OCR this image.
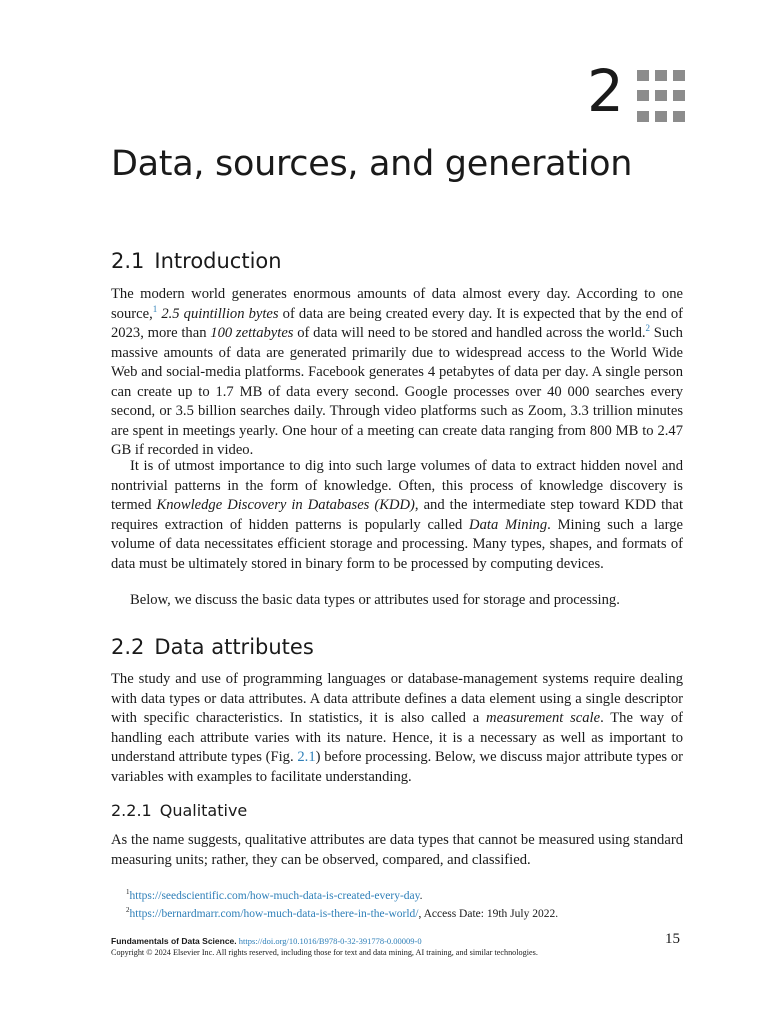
2
Data, sources, and generation
2.1 Introduction

The modern world generates enormous amounts of data almost every day. According to one source,$^1$ 2.5 quintillion bytes of data are being created every day. It is expected that by the end of 2023, more than 100 zettabytes of data will need to be stored and handled across the world.$^2$ Such massive amounts of data are generated primarily due to widespread access to the World Wide Web and social-media platforms. Facebook generates 4 petabytes of data per day. A single person can create up to 1.7 MB of data every second. Google processes over 40 000 searches every second, or 3.5 billion searches daily. Through video platforms such as Zoom, 3.3 trillion minutes are spent in meetings yearly. One hour of a meeting can create data ranging from 800 MB to 2.47 GB if recorded in video.

It is of utmost importance to dig into such large volumes of data to extract hidden novel and nontrivial patterns in the form of knowledge. Often, this process of knowledge discovery is termed Knowledge Discovery in Databases (KDD), and the intermediate step toward KDD that requires extraction of hidden patterns is popularly called Data Mining. Mining such a large volume of data necessitates efficient storage and processing. Many types, shapes, and formats of data must be ultimately stored in binary form to be processed by computing devices.

Below, we discuss the basic data types or attributes used for storage and processing.

2.2 Data attributes

The study and use of programming languages or database-management systems require dealing with data types or data attributes. A data attribute defines a data element using a single descriptor with specific characteristics. In statistics, it is also called a measurement scale. The way of handling each attribute varies with its nature. Hence, it is a necessary as well as important to understand attribute types (Fig. 2.1) before processing. Below, we discuss major attribute types or variables with examples to facilitate understanding.

2.2.1 Qualitative

As the name suggests, qualitative attributes are data types that cannot be measured using standard measuring units; rather, they can be observed, compared, and classified.

$^1$https://seedscientific.com/how-much-data-is-created-every-day.
$^2$https://bernardmarr.com/how-much-data-is-there-in-the-world/, Access Date: 19th July 2022.
Fundamentals of Data Science. https://doi.org/10.1016/B978-0-32-391778-0.00009-0
Copyright © 2024 Elsevier Inc. All rights reserved, including those for text and data mining, AI training, and similar technologies.
15
